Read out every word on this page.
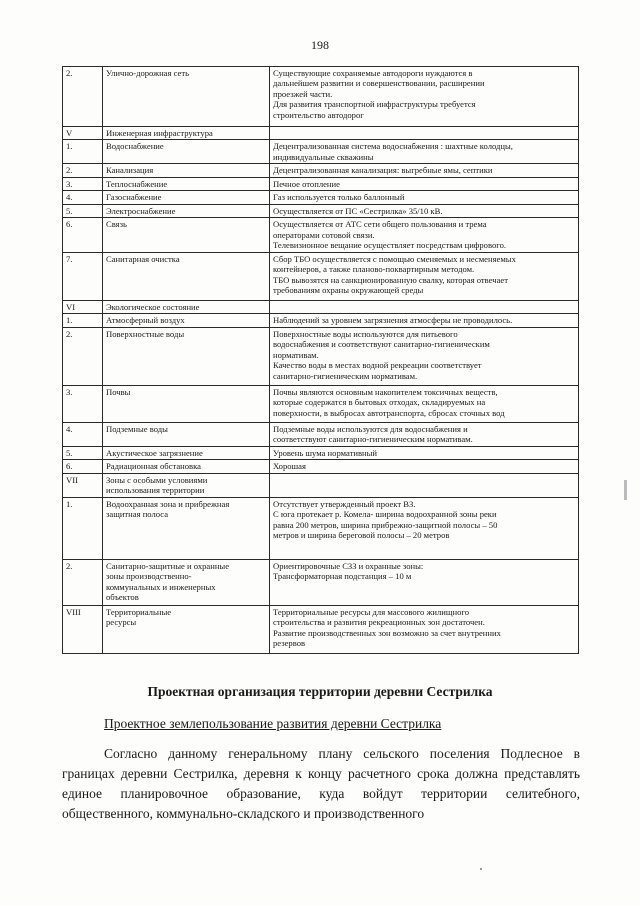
198
2.	Улично-дорожная сеть	Существующие сохраняемые автодороги нуждаются в
дальнейшем развитии и совершенствовании, расширении
проезжей части.
Для развития транспортной инфраструктуры требуется
строительство автодорог
V	Инженерная инфраструктура	
1.	Водоснабжение	Децентрализованная система водоснабжения : шахтные колодцы,
индивидуальные скважины
2.	Канализация	Децентрализованная канализация: выгребные ямы, септики
3.	Теплоснабжение	Печное отопление
4.	Газоснабжение	Газ используется только баллонный
5.	Электроснабжение	Осуществляется от ПС «Сестрилка» 35/10 кВ.
6.	Связь	Осуществляется от АТС сети общего пользования и трема
операторами сотовой связи.
Телевизионное вещание осуществляет посредствам цифрового.
7.	Санитарная очистка	Сбор ТБО осуществляется с помощью сменяемых и несменяемых
контейнеров, а также планово-поквартирным методом.
ТБО вывозятся на санкционированную свалку, которая отвечает
требованиям охраны окружающей среды
VI	Экологическое состояние	
1.	Атмосферный воздух	Наблюдений за уровнем загрязнения атмосферы не проводилось.
2.	Поверхностные воды	Поверхностные воды используются для питьевого
водоснабжения и соответствуют санитарно-гигиеническим
нормативам.
Качество воды в местах водной рекреации соответствует
санитарно-гигиеническим нормативам.
3.	Почвы	Почвы являются основным накопителем токсичных веществ,
которые содержатся в бытовых отходах, складируемых на
поверхности, в выбросах автотранспорта, сбросах сточных вод
4.	Подземные воды	Подземные воды используются для водоснабжения и
соответствуют санитарно-гигиеническим нормативам.
5.	Акустическое загрязнение	Уровень шума нормативный
6.	Радиационная обстановка	Хорошая
VII	Зоны с особыми условиями
использования территории	
1.	Водоохранная зона и прибрежная
защитная полоса	Отсутствует утвержденный проект ВЗ.
С юга протекает р. Комела- ширина водоохранной зоны реки
равна 200 метров, ширина прибрежно-защитной полосы – 50
метров и ширина береговой полосы – 20 метров
2.	Санитарно-защитные и охранные
зоны производственно-
коммунальных и инженерных
объектов	Ориентировочные СЗЗ и охранные зоны:
Трансформаторная подстанция – 10 м
VIII	Территориальные
ресурсы	Территориальные ресурсы для массового жилищного
строительства и развития рекреационных зон достаточен.
Развитие производственных зон возможно за счет внутренних
резервов
Проектная организация территории деревни Сестрилка
Проектное землепользование развития деревни Сестрилка
Согласно данному генеральному плану сельского поселения Подлесное в границах деревни Сестрилка, деревня к концу расчетного срока должна представлять единое планировочное образование, куда войдут территории селитебного, общественного, коммунально-складского и производственного
